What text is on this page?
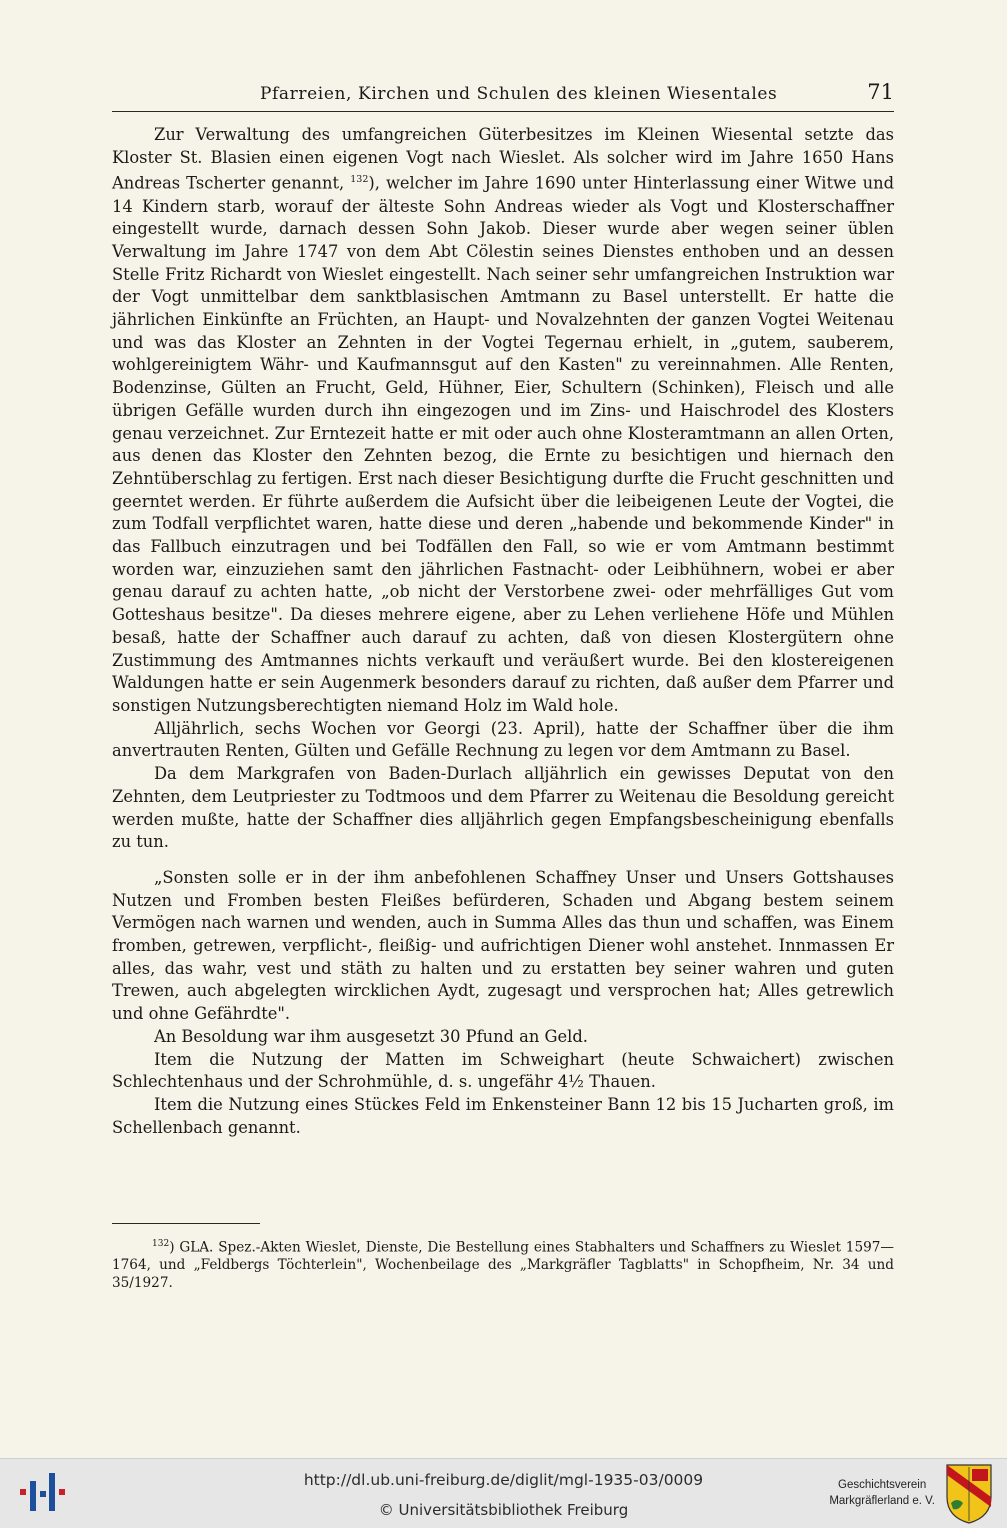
Pfarreien, Kirchen und Schulen des kleinen Wiesentales	71

Zur Verwaltung des umfangreichen Güterbesitzes im Kleinen Wiesental setzte das Kloster St. Blasien einen eigenen Vogt nach Wieslet. Als solcher wird im Jahre 1650 Hans Andreas Tscherter genannt, $^{132}$), welcher im Jahre 1690 unter Hinterlassung einer Witwe und 14 Kindern starb, worauf der älteste Sohn Andreas wieder als Vogt und Klosterschaffner eingestellt wurde, darnach dessen Sohn Jakob. Dieser wurde aber wegen seiner üblen Verwaltung im Jahre 1747 von dem Abt Cölestin seines Dienstes enthoben und an dessen Stelle Fritz Richardt von Wieslet eingestellt. Nach seiner sehr umfangreichen Instruktion war der Vogt unmittelbar dem sanktblasischen Amtmann zu Basel unterstellt. Er hatte die jährlichen Einkünfte an Früchten, an Haupt- und Novalzehnten der ganzen Vogtei Weitenau und was das Kloster an Zehnten in der Vogtei Tegernau erhielt, in „gutem, sauberem, wohlgereinigtem Währ- und Kaufmannsgut auf den Kasten" zu vereinnahmen. Alle Renten, Bodenzinse, Gülten an Frucht, Geld, Hühner, Eier, Schultern (Schinken), Fleisch und alle übrigen Gefälle wurden durch ihn eingezogen und im Zins- und Haischrodel des Klosters genau verzeichnet. Zur Erntezeit hatte er mit oder auch ohne Klosteramtmann an allen Orten, aus denen das Kloster den Zehnten bezog, die Ernte zu besichtigen und hiernach den Zehntüberschlag zu fertigen. Erst nach dieser Besichtigung durfte die Frucht geschnitten und geerntet werden. Er führte außerdem die Aufsicht über die leibeigenen Leute der Vogtei, die zum Todfall verpflichtet waren, hatte diese und deren „habende und bekommende Kinder" in das Fallbuch einzutragen und bei Todfällen den Fall, so wie er vom Amtmann bestimmt worden war, einzuziehen samt den jährlichen Fastnacht- oder Leibhühnern, wobei er aber genau darauf zu achten hatte, „ob nicht der Verstorbene zwei- oder mehrfälliges Gut vom Gotteshaus besitze". Da dieses mehrere eigene, aber zu Lehen verliehene Höfe und Mühlen besaß, hatte der Schaffner auch darauf zu achten, daß von diesen Klostergütern ohne Zustimmung des Amtmannes nichts verkauft und veräußert wurde. Bei den klostereigenen Waldungen hatte er sein Augenmerk besonders darauf zu richten, daß außer dem Pfarrer und sonstigen Nutzungsberechtigten niemand Holz im Wald hole.

Alljährlich, sechs Wochen vor Georgi (23. April), hatte der Schaffner über die ihm anvertrauten Renten, Gülten und Gefälle Rechnung zu legen vor dem Amtmann zu Basel.

Da dem Markgrafen von Baden-Durlach alljährlich ein gewisses Deputat von den Zehnten, dem Leutpriester zu Todtmoos und dem Pfarrer zu Weitenau die Besoldung gereicht werden mußte, hatte der Schaffner dies alljährlich gegen Empfangsbescheinigung ebenfalls zu tun.

„Sonsten solle er in der ihm anbefohlenen Schaffney Unser und Unsers Gottshauses Nutzen und Fromben besten Fleißes befürderen, Schaden und Abgang bestem seinem Vermögen nach warnen und wenden, auch in Summa Alles das thun und schaffen, was Einem fromben, getrewen, verpflicht-, fleißig- und aufrichtigen Diener wohl anstehet. Innmassen Er alles, das wahr, vest und stäth zu halten und zu erstatten bey seiner wahren und guten Trewen, auch abgelegten wircklichen Aydt, zugesagt und versprochen hat; Alles getrewlich und ohne Gefährdte".

An Besoldung war ihm ausgesetzt 30 Pfund an Geld.

Item die Nutzung der Matten im Schweighart (heute Schwaichert) zwischen Schlechtenhaus und der Schrohmühle, d. s. ungefähr 4½ Thauen.

Item die Nutzung eines Stückes Feld im Enkensteiner Bann 12 bis 15 Jucharten groß, im Schellenbach genannt.

$^{132}$) GLA. Spez.-Akten Wieslet, Dienste, Die Bestellung eines Stabhalters und Schaffners zu Wieslet 1597—1764, und „Feldbergs Töchterlein", Wochenbeilage des „Markgräfler Tagblatts" in Schopfheim, Nr. 34 und 35/1927.
http://dl.ub.uni-freiburg.de/diglit/mgl-1935-03/0009
© Universitätsbibliothek Freiburg
Geschichtsverein
Markgräflerland e. V.
